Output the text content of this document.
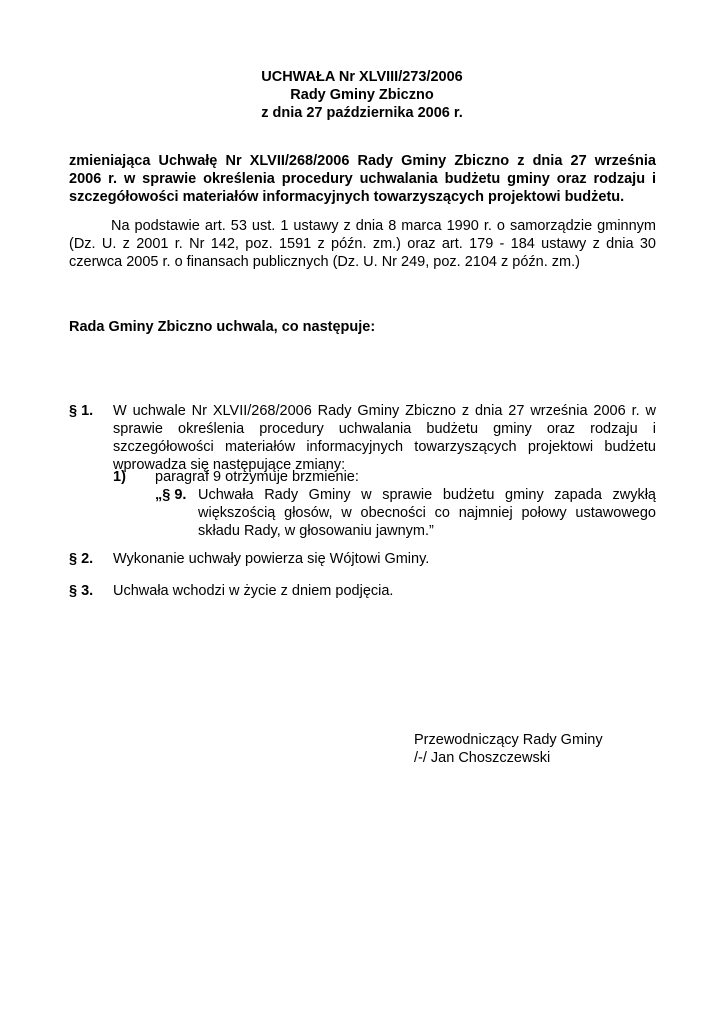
UCHWAŁA Nr XLVIII/273/2006
Rady Gminy Zbiczno
z dnia 27 października 2006 r.
zmieniająca Uchwałę Nr XLVII/268/2006 Rady Gminy Zbiczno z dnia 27 września
2006 r. w sprawie określenia procedury uchwalania budżetu gminy oraz rodzaju i
szczegółowości materiałów informacyjnych towarzyszących projektowi budżetu.
Na podstawie art. 53 ust. 1 ustawy z dnia 8 marca 1990 r. o samorządzie gminnym
(Dz. U. z 2001 r. Nr 142, poz. 1591 z późn. zm.) oraz art. 179 - 184 ustawy z dnia 30
czerwca 2005 r. o finansach publicznych (Dz. U. Nr 249, poz. 2104 z późn. zm.)
Rada Gminy Zbiczno uchwala, co następuje:
§ 1. W uchwale Nr XLVII/268/2006 Rady Gminy Zbiczno z dnia 27 września 2006 r. w
sprawie określenia procedury uchwalania budżetu gminy oraz rodzaju i
szczegółowości materiałów informacyjnych towarzyszących projektowi budżetu
wprowadza się następujące zmiany:
1) paragraf 9 otrzymuje brzmienie:
„§ 9. Uchwała Rady Gminy w sprawie budżetu gminy zapada zwykłą
większością głosów, w obecności co najmniej połowy ustawowego
składu Rady, w głosowaniu jawnym.”
§ 2. Wykonanie uchwały powierza się Wójtowi Gminy.
§ 3. Uchwała wchodzi w życie z dniem podjęcia.
Przewodniczący Rady Gminy
/-/ Jan Choszczewski
